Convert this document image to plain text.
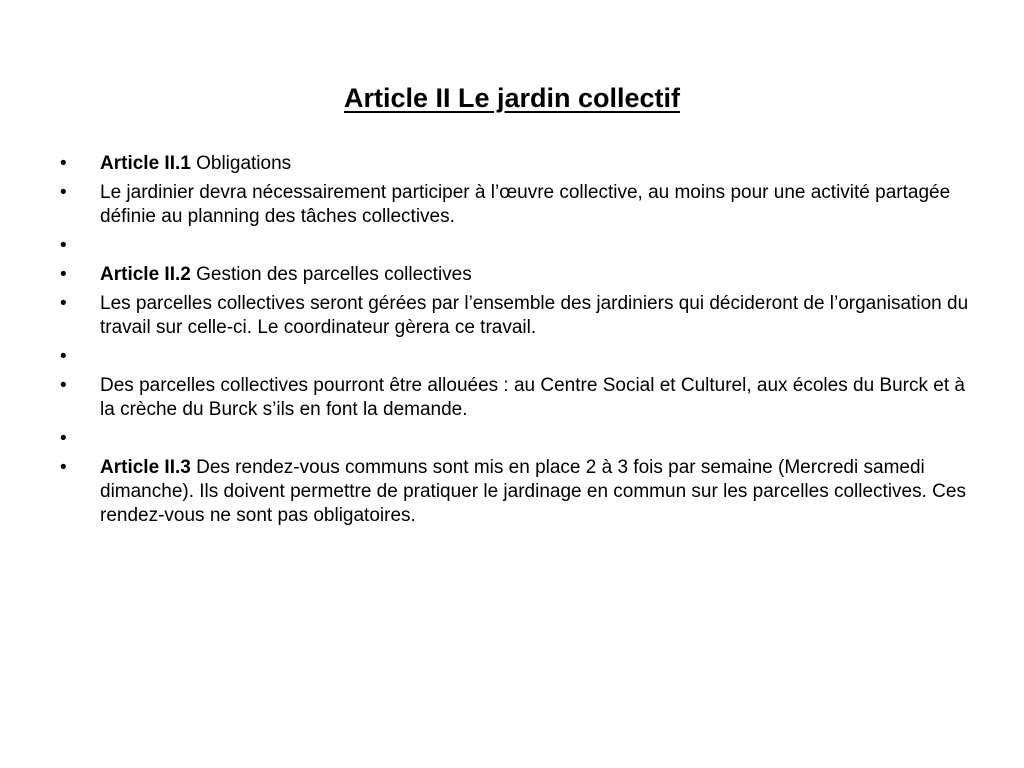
Article II Le jardin collectif
•	Article II.1 Obligations
•	Le jardinier devra nécessairement participer à l’œuvre collective, au moins pour une activité partagée définie au planning des tâches collectives.
•
•	Article II.2 Gestion des parcelles collectives
•	Les parcelles collectives seront gérées par l’ensemble des jardiniers qui décideront de l’organisation du travail sur celle-ci. Le coordinateur gèrera ce travail.
•
•	Des parcelles collectives pourront être allouées : au Centre Social et Culturel, aux écoles du Burck et à la crèche du Burck s’ils en font la demande.
•
•	Article II.3 Des rendez-vous communs sont mis en place 2 à 3 fois par semaine (Mercredi samedi dimanche). Ils doivent permettre de pratiquer le jardinage en commun sur les parcelles collectives. Ces rendez-vous ne sont pas obligatoires.
